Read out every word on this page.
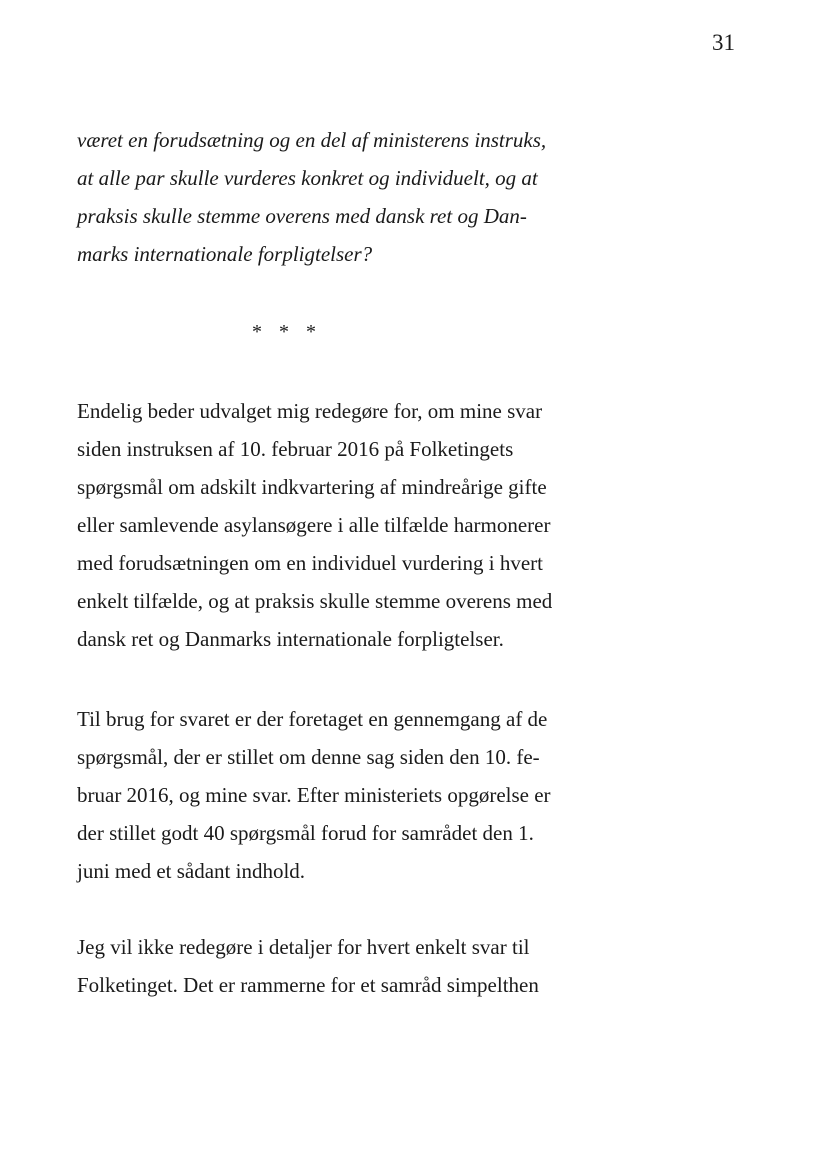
31
været en forudsætning og en del af ministerens instruks,
at alle par skulle vurderes konkret og individuelt, og at
praksis skulle stemme overens med dansk ret og Dan-
marks internationale forpligtelser?
* * *
Endelig beder udvalget mig redegøre for, om mine svar
siden instruksen af 10. februar 2016 på Folketingets
spørgsmål om adskilt indkvartering af mindreårige gifte
eller samlevende asylansøgere i alle tilfælde harmonerer
med forudsætningen om en individuel vurdering i hvert
enkelt tilfælde, og at praksis skulle stemme overens med
dansk ret og Danmarks internationale forpligtelser.
Til brug for svaret er der foretaget en gennemgang af de
spørgsmål, der er stillet om denne sag siden den 10. fe-
bruar 2016, og mine svar. Efter ministeriets opgørelse er
der stillet godt 40 spørgsmål forud for samrådet den 1.
juni med et sådant indhold.
Jeg vil ikke redegøre i detaljer for hvert enkelt svar til
Folketinget. Det er rammerne for et samråd simpelthen
